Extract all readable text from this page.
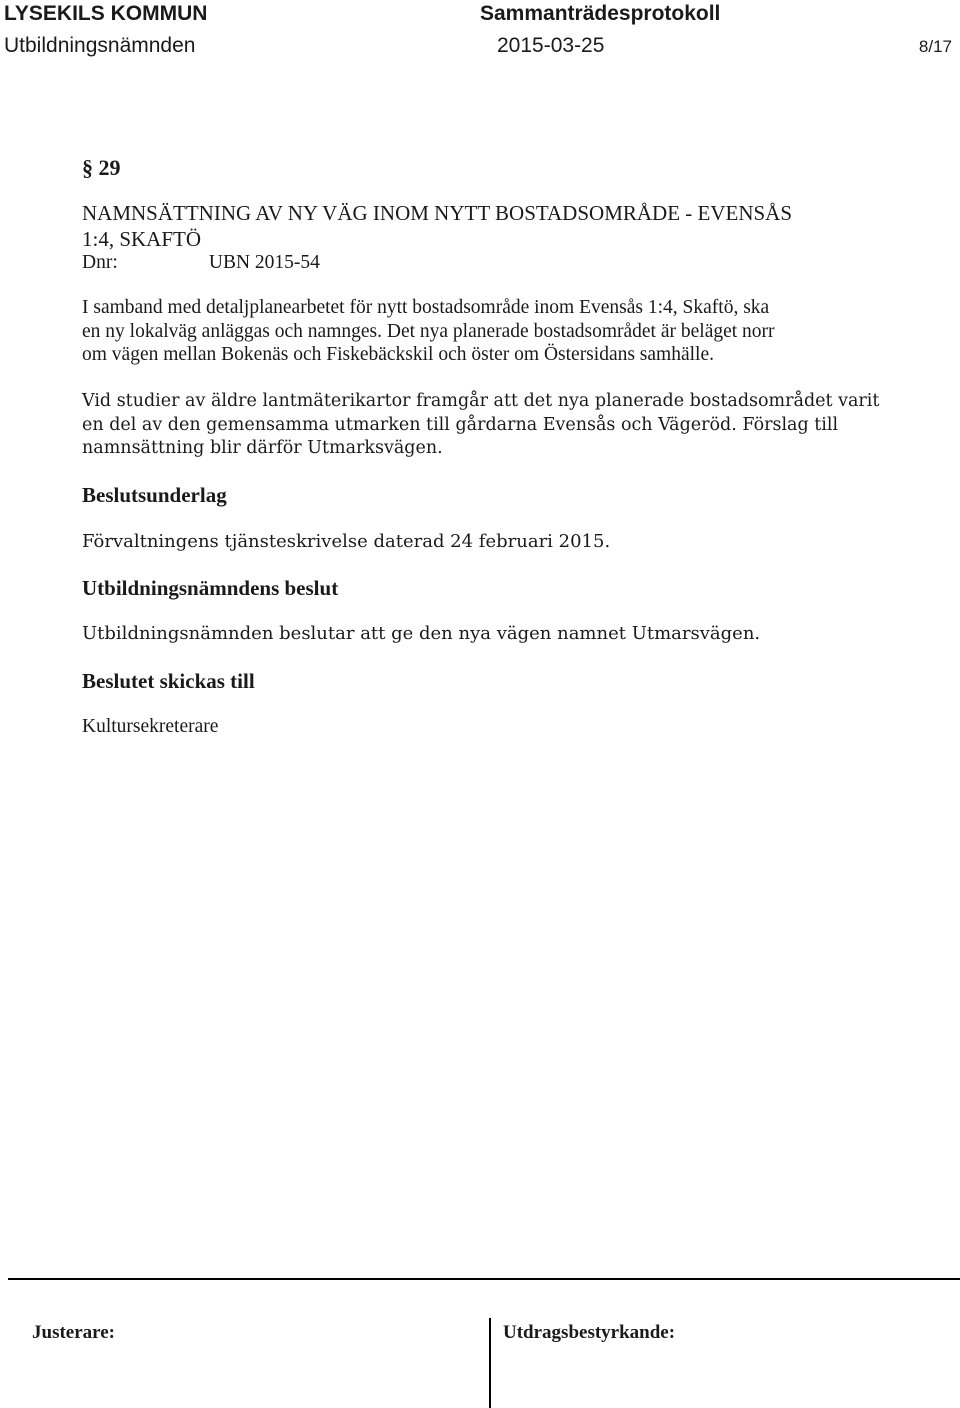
LYSEKILS KOMMUN	Sammanträdesprotokoll
Utbildningsnämnden	2015-03-25	8/17
§ 29
NAMNSÄTTNING AV NY VÄG INOM NYTT BOSTADSOMRÅDE - EVENSÅS
1:4, SKAFTÖ
Dnr:	UBN 2015-54
I samband med detaljplanearbetet för nytt bostadsområde inom Evensås 1:4, Skaftö, ska
en ny lokalväg anläggas och namnges. Det nya planerade bostadsområdet är beläget norr
om vägen mellan Bokenäs och Fiskebäckskil och öster om Östersidans samhälle.
Vid studier av äldre lantmäterikartor framgår att det nya planerade bostadsområdet varit
en del av den gemensamma utmarken till gårdarna Evensås och Vägeröd. Förslag till
namnsättning blir därför Utmarksvägen.
Beslutsunderlag
Förvaltningens tjänsteskrivelse daterad 24 februari 2015.
Utbildningsnämndens beslut
Utbildningsnämnden beslutar att ge den nya vägen namnet Utmarsvägen.
Beslutet skickas till
Kultursekreterare
Justerare:	Utdragsbestyrkande:
